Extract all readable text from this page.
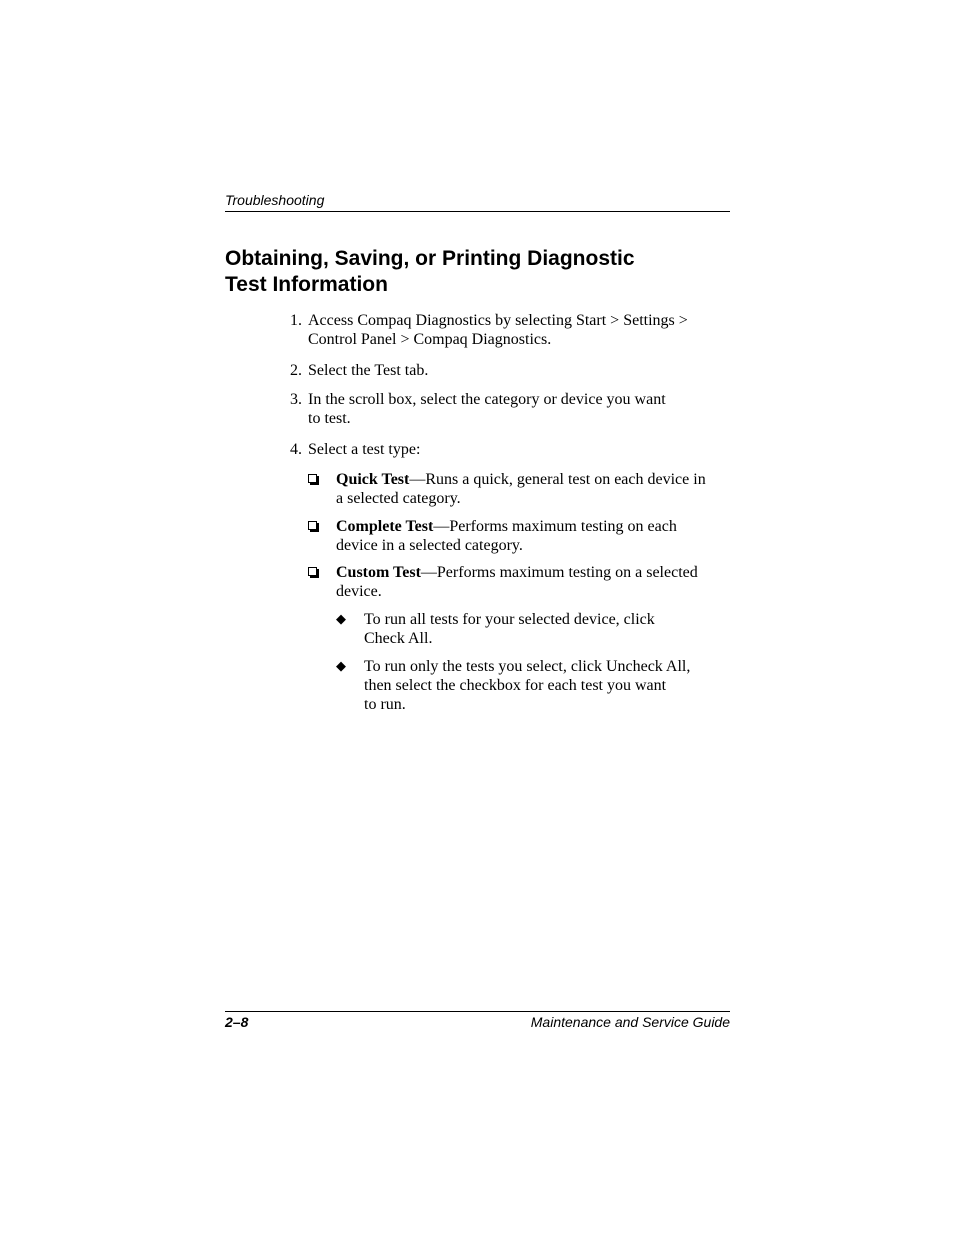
Troubleshooting
Obtaining, Saving, or Printing Diagnostic
Test Information
1. Access Compaq Diagnostics by selecting Start > Settings >
Control Panel > Compaq Diagnostics.
2. Select the Test tab.
3. In the scroll box, select the category or device you want
to test.
4. Select a test type:
Quick Test—Runs a quick, general test on each device in
a selected category.
Complete Test—Performs maximum testing on each
device in a selected category.
Custom Test—Performs maximum testing on a selected
device.
◆ To run all tests for your selected device, click
Check All.
◆ To run only the tests you select, click Uncheck All,
then select the checkbox for each test you want
to run.
2–8	Maintenance and Service Guide
